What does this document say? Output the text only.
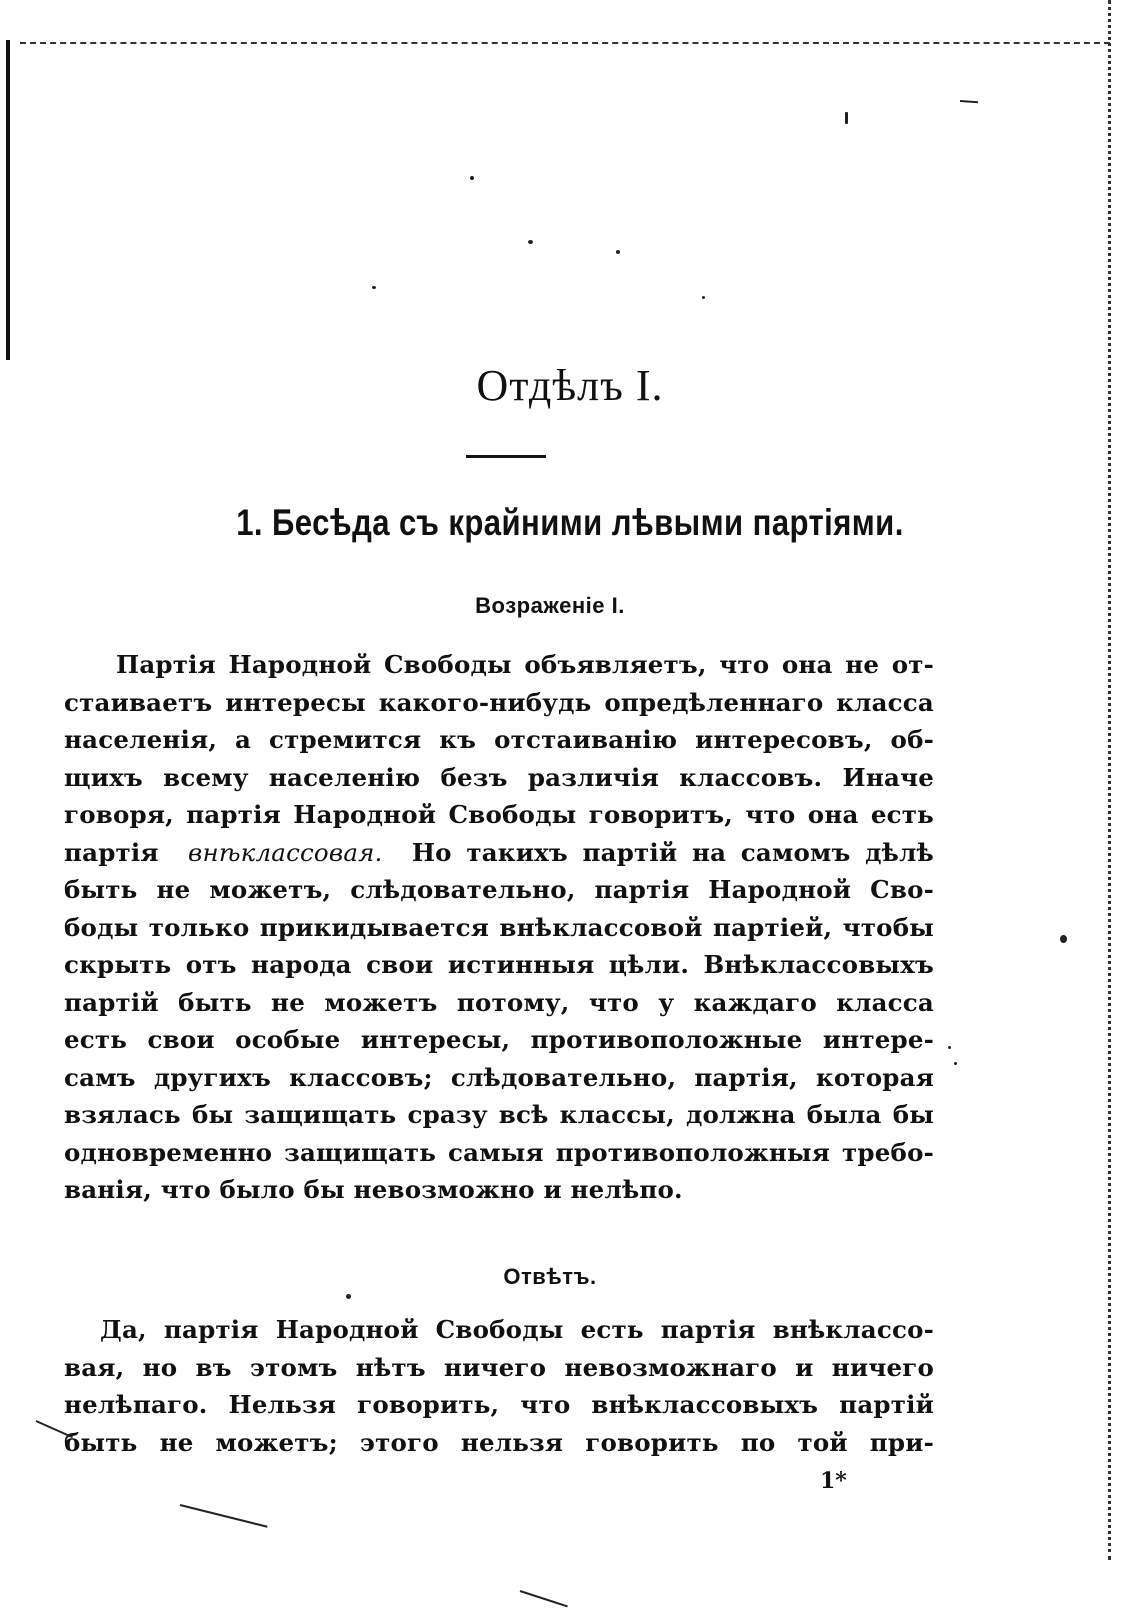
Отдѣлъ I.
1. Бесѣда съ крайними лѣвыми партіями.
Возраженіе I.
Партія Народной Свободы объявляетъ, что она не от-
стаиваетъ интересы какого-нибудь опредѣленнаго класса
населенія, а стремится къ отстаиванію интересовъ, об-
щихъ всему населенію безъ различія классовъ. Иначе
говоря, партія Народной Свободы говоритъ, что она есть
партія внѣклассовая. Но такихъ партій на самомъ дѣлѣ
быть не можетъ, слѣдовательно, партія Народной Сво-
боды только прикидывается внѣклассовой партіей, чтобы
скрыть отъ народа свои истинныя цѣли. Внѣклассовыхъ
партій быть не можетъ потому, что у каждаго класса
есть свои особые интересы, противоположные интере-
самъ другихъ классовъ; слѣдовательно, партія, которая
взялась бы защищать сразу всѣ классы, должна была бы
одновременно защищать самыя противоположныя требо-
ванія, что было бы невозможно и нелѣпо.
Отвѣтъ.
Да, партія Народной Свободы есть партія внѣклассо-
вая, но въ этомъ нѣтъ ничего невозможнаго и ничего
нелѣпаго. Нельзя говорить, что внѣклассовыхъ партій
быть не можетъ; этого нельзя говорить по той при-
1*
